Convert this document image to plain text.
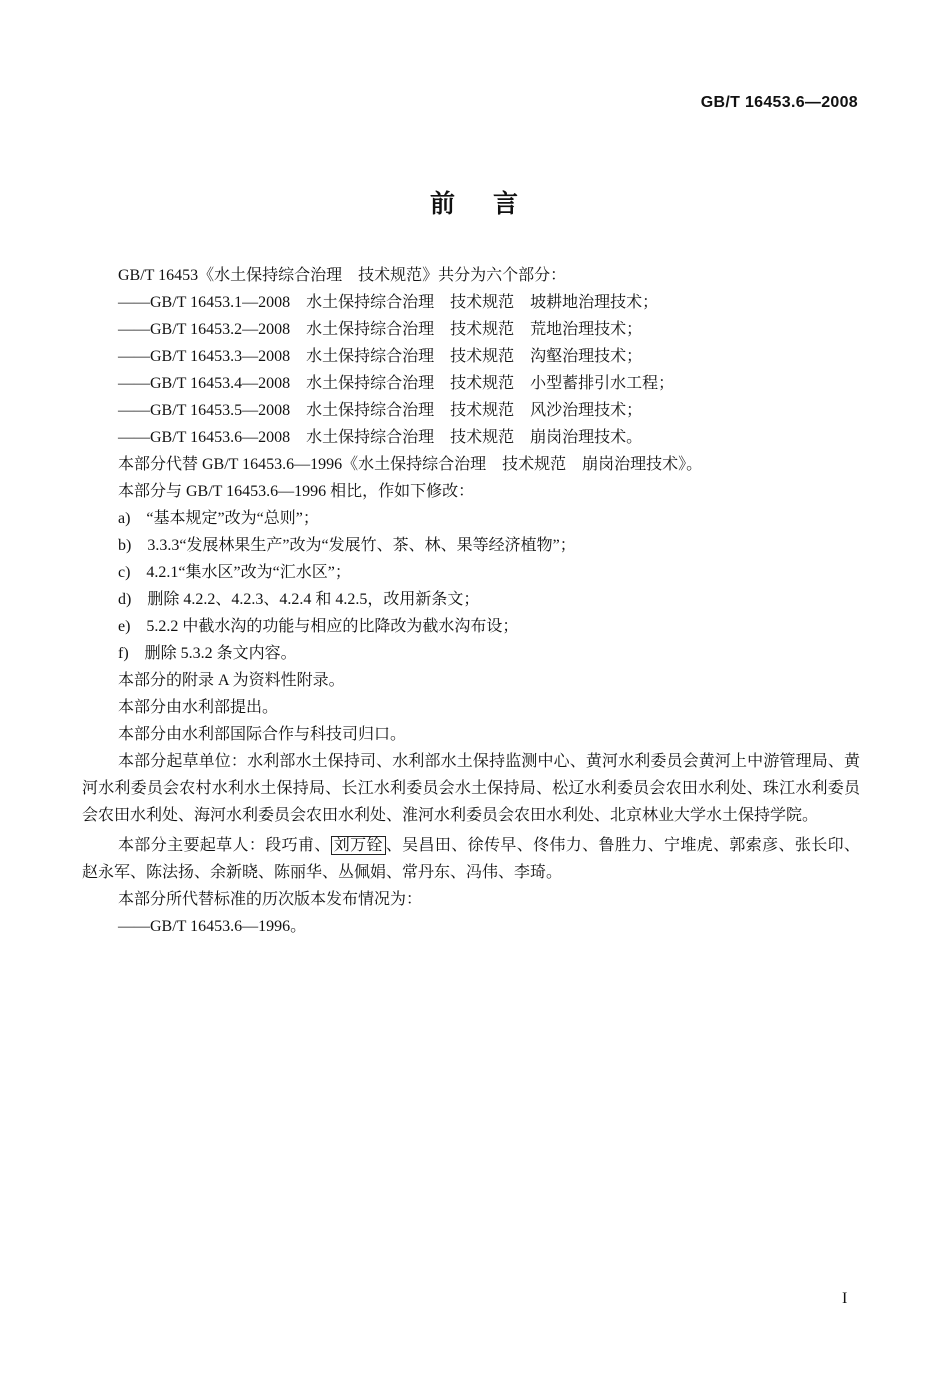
GB/T 16453.6—2008
前 言
GB/T 16453《水土保持综合治理　技术规范》共分为六个部分：
——GB/T 16453.1—2008　水土保持综合治理　技术规范　坡耕地治理技术；
——GB/T 16453.2—2008　水土保持综合治理　技术规范　荒地治理技术；
——GB/T 16453.3—2008　水土保持综合治理　技术规范　沟壑治理技术；
——GB/T 16453.4—2008　水土保持综合治理　技术规范　小型蓄排引水工程；
——GB/T 16453.5—2008　水土保持综合治理　技术规范　风沙治理技术；
——GB/T 16453.6—2008　水土保持综合治理　技术规范　崩岗治理技术。
本部分代替 GB/T 16453.6—1996《水土保持综合治理　技术规范　崩岗治理技术》。
本部分与 GB/T 16453.6—1996 相比，作如下修改：
a)　“基本规定”改为“总则”；
b)　3.3.3“发展林果生产”改为“发展竹、茶、林、果等经济植物”；
c)　4.2.1“集水区”改为“汇水区”；
d)　删除 4.2.2、4.2.3、4.2.4 和 4.2.5，改用新条文；
e)　5.2.2 中截水沟的功能与相应的比降改为截水沟布设；
f)　删除 5.3.2 条文内容。
本部分的附录 A 为资料性附录。
本部分由水利部提出。
本部分由水利部国际合作与科技司归口。
本部分起草单位：水利部水土保持司、水利部水土保持监测中心、黄河水利委员会黄河上中游管理局、黄河水利委员会农村水利水土保持局、长江水利委员会水土保持局、松辽水利委员会农田水利处、珠江水利委员会农田水利处、海河水利委员会农田水利处、淮河水利委员会农田水利处、北京林业大学水土保持学院。
本部分主要起草人：段巧甫、 刘万铨 、吴昌田、徐传早、佟伟力、鲁胜力、宁堆虎、郭索彦、张长印、赵永军、陈法扬、余新晓、陈丽华、丛佩娟、常丹东、冯伟、李琦。
本部分所代替标准的历次版本发布情况为：
——GB/T 16453.6—1996。
I
